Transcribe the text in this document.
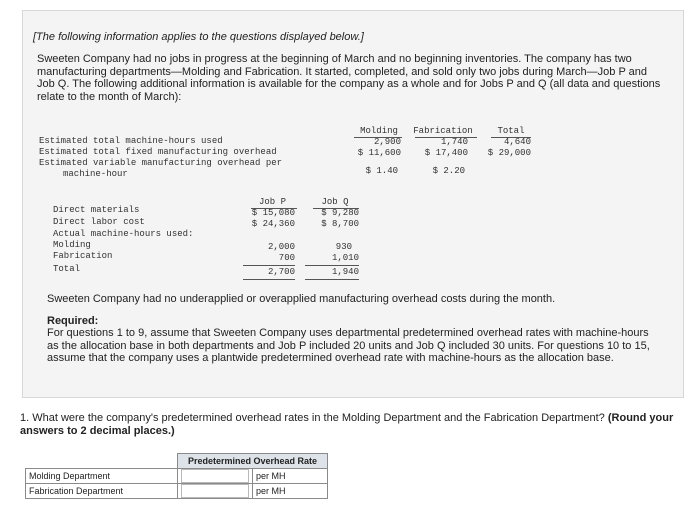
[The following information applies to the questions displayed below.]
Sweeten Company had no jobs in progress at the beginning of March and no beginning inventories. The company has two manufacturing departments—Molding and Fabrication. It started, completed, and sold only two jobs during March—Job P and Job Q. The following additional information is available for the company as a whole and for Jobs P and Q (all data and questions relate to the month of March):
Molding	Fabrication	Total
Estimated total machine-hours used	2,900	1,740	4,640
Estimated total fixed manufacturing overhead	$ 11,600	$ 17,400	$ 29,000
Estimated variable manufacturing overhead per
machine-hour	$ 1.40	$ 2.20
Job P	Job Q
Direct materials	$ 15,080	$ 9,280
Direct labor cost	$ 24,360	$ 8,700
Actual machine-hours used:
Molding	2,000	930
Fabrication	700	1,010
Total	2,700	1,940
Sweeten Company had no underapplied or overapplied manufacturing overhead costs during the month.
Required:
For questions 1 to 9, assume that Sweeten Company uses departmental predetermined overhead rates with machine-hours as the allocation base in both departments and Job P included 20 units and Job Q included 30 units. For questions 10 to 15, assume that the company uses a plantwide predetermined overhead rate with machine-hours as the allocation base.
1. What were the company's predetermined overhead rates in the Molding Department and the Fabrication Department? (Round your answers to 2 decimal places.)
	Predetermined Overhead Rate	
Molding Department		per MH
Fabrication Department		per MH
